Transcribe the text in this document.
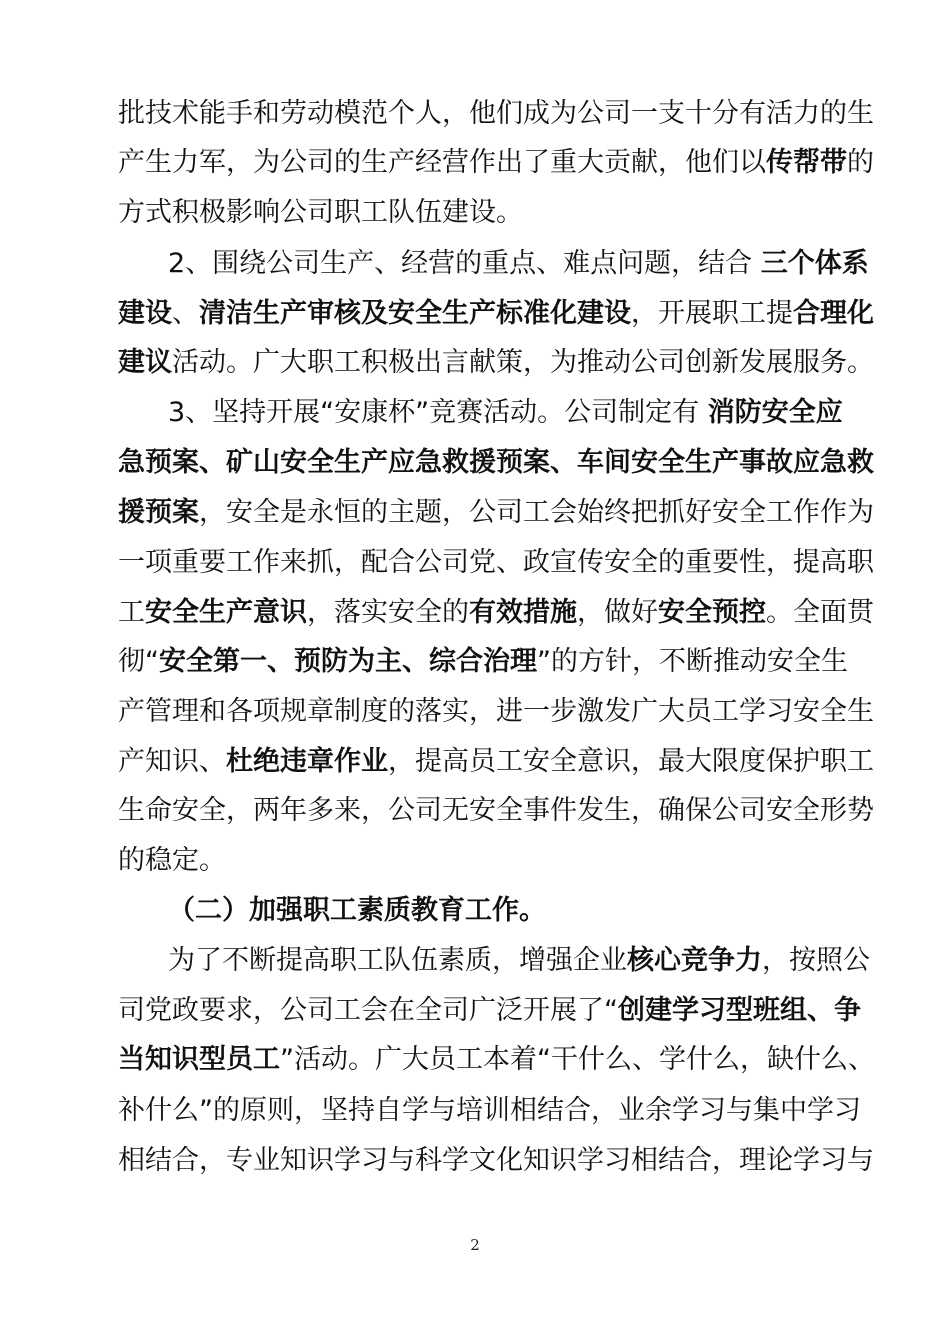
批技术能手和劳动模范个人，他们成为公司一支十分有活力的生
产生力军，为公司的生产经营作出了重大贡献，他们以传帮带的
方式积极影响公司职工队伍建设。
2、围绕公司生产、经营的重点、难点问题，结合 三个体系
建设、清洁生产审核及安全生产标准化建设，开展职工提合理化
建议活动。广大职工积极出言献策，为推动公司创新发展服务。
3、坚持开展“安康杯”竞赛活动。公司制定有 消防安全应
急预案、矿山安全生产应急救援预案、车间安全生产事故应急救
援预案，安全是永恒的主题，公司工会始终把抓好安全工作作为
一项重要工作来抓，配合公司党、政宣传安全的重要性，提高职
工安全生产意识，落实安全的有效措施，做好安全预控。全面贯
彻“安全第一、预防为主、综合治理”的方针，不断推动安全生
产管理和各项规章制度的落实，进一步激发广大员工学习安全生
产知识、杜绝违章作业，提高员工安全意识，最大限度保护职工
生命安全，两年多来，公司无安全事件发生，确保公司安全形势
的稳定。
（二）加强职工素质教育工作。
为了不断提高职工队伍素质，增强企业核心竞争力，按照公
司党政要求，公司工会在全司广泛开展了“创建学习型班组、争
当知识型员工”活动。广大员工本着“干什么、学什么，缺什么、
补什么”的原则，坚持自学与培训相结合，业余学习与集中学习
相结合，专业知识学习与科学文化知识学习相结合，理论学习与
2
